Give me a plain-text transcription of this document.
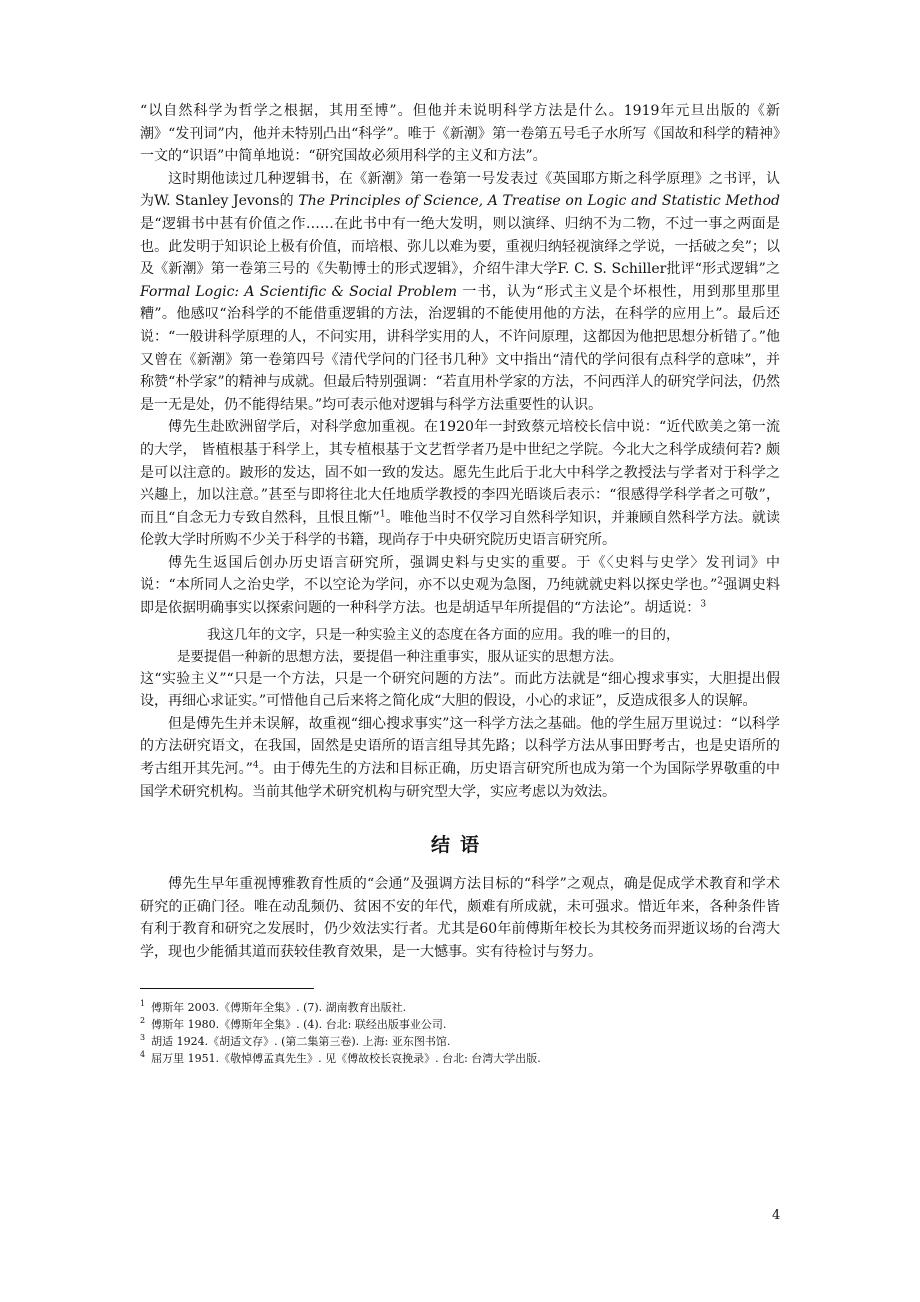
“以自然科学为哲学之根据，其用至博”。但他并未说明科学方法是什么。1919年元旦出版的《新潮》“发刊词”内，他并未特别凸出“科学”。唯于《新潮》第一卷第五号毛子水所写《国故和科学的精神》一文的“识语”中简单地说：“研究国故必须用科学的主义和方法”。

这时期他读过几种逻辑书，在《新潮》第一卷第一号发表过《英国耶方斯之科学原理》之书评，认为W. Stanley Jevons的 The Principles of Science, A Treatise on Logic and Statistic Method 是“逻辑书中甚有价值之作……在此书中有一绝大发明，则以演绎、归纳不为二物，不过一事之两面是也。此发明于知识论上极有价值，而培根、弥儿以难为要，重视归纳轻视演绎之学说，一括破之矣”；以及《新潮》第一卷第三号的《失勒博士的形式逻辑》，介绍牛津大学F. C. S. Schiller批评“形式逻辑”之 Formal Logic: A Scientific & Social Problem 一书，认为“形式主义是个坏根性，用到那里那里糟”。他感叹“治科学的不能借重逻辑的方法，治逻辑的不能使用他的方法，在科学的应用上”。最后还说：“一般讲科学原理的人，不问实用，讲科学实用的人，不许问原理，这都因为他把思想分析错了。”他又曾在《新潮》第一卷第四号《清代学问的门径书几种》文中指出“清代的学问很有点科学的意味”，并称赞“朴学家”的精神与成就。但最后特别强调：“若直用朴学家的方法，不问西洋人的研究学问法，仍然是一无是处，仍不能得结果。”均可表示他对逻辑与科学方法重要性的认识。

傅先生赴欧洲留学后，对科学愈加重视。在1920年一封致蔡元培校长信中说：“近代欧美之第一流的大学， 皆植根基于科学上，其专植根基于文艺哲学者乃是中世纪之学院。今北大之科学成绩何若? 颇是可以注意的。跛形的发达，固不如一致的发达。愿先生此后于北大中科学之教授法与学者对于科学之兴趣上，加以注意。”甚至与即将往北大任地质学教授的李四光晤谈后表示：“很感得学科学者之可敬”，而且“自念无力专致自然科，且恨且惭”$^1$。唯他当时不仅学习自然科学知识，并兼顾自然科学方法。就读伦敦大学时所购不少关于科学的书籍，现尚存于中央研究院历史语言研究所。

傅先生返国后创办历史语言研究所，强调史料与史实的重要。于《〈史料与史学〉发刊词》中说：“本所同人之治史学，不以空论为学问，亦不以史观为急图，乃纯就就史料以探史学也。”$^2$强调史料即是依据明确事实以探索问题的一种科学方法。也是胡适早年所提倡的“方法论”。胡适说：$^3$

我这几年的文字，只是一种实验主义的态度在各方面的应用。我的唯一的目的，
是要提倡一种新的思想方法，要提倡一种注重事实，服从证实的思想方法。

这“实验主义”“只是一个方法，只是一个研究问题的方法”。而此方法就是“细心搜求事实，大胆提出假设，再细心求证实。”可惜他自己后来将之简化成“大胆的假设，小心的求证”，反造成很多人的误解。

但是傅先生并未误解，故重视“细心搜求事实”这一科学方法之基础。他的学生屈万里说过：“以科学的方法研究语文，在我国，固然是史语所的语言组导其先路；以科学方法从事田野考古，也是史语所的考古组开其先河。”$^4$。由于傅先生的方法和目标正确，历史语言研究所也成为第一个为国际学界敬重的中国学术研究机构。当前其他学术研究机构与研究型大学，实应考虑以为效法。

结语

傅先生早年重视博雅教育性质的“会通”及强调方法目标的“科学”之观点，确是促成学术教育和学术研究的正确门径。唯在动乱频仍、贫困不安的年代，颇难有所成就，未可强求。惜近年来，各种条件皆有利于教育和研究之发展时，仍少效法实行者。尤其是60年前傅斯年校长为其校务而羿逝议场的台湾大学，现也少能循其道而获较佳教育效果，是一大憾事。实有待检讨与努力。

$^1$ 傅斯年 2003.《傅斯年全集》. (7). 湖南教育出版社.

$^2$ 傅斯年 1980.《傅斯年全集》. (4). 台北: 联经出版事业公司.

$^3$ 胡适 1924.《胡适文存》. (第二集第三卷). 上海: 亚东图书馆.

$^4$ 屈万里 1951.《敬悼傅孟真先生》. 见《傅故校长哀挽录》. 台北: 台湾大学出版.

4
